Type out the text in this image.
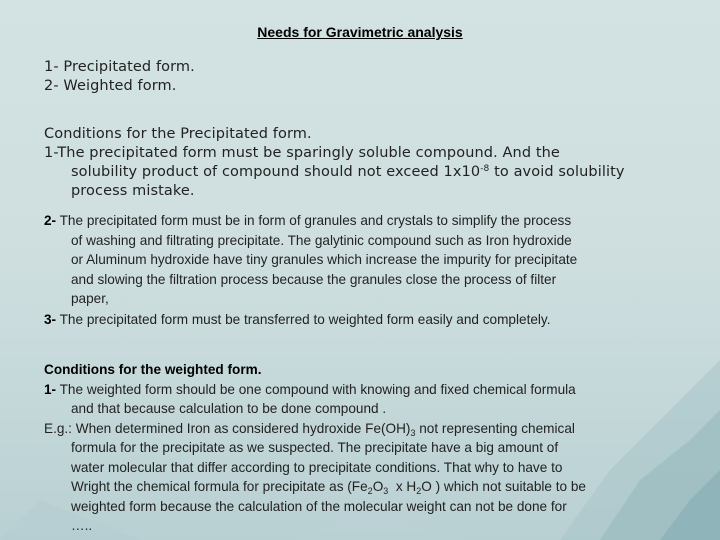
Needs for Gravimetric analysis
1- Precipitated form.
2- Weighted form.
Conditions for the Precipitated form.
1-The precipitated form must be sparingly soluble compound. And the
solubility product of compound should not exceed $1x10^{-8}$ to avoid solubility
process mistake.
2- The precipitated form must be in form of granules and crystals to simplify the process
of washing and filtrating precipitate. The galytinic compound such as Iron hydroxide
or Aluminum hydroxide have tiny granules which increase the impurity for precipitate
and slowing the filtration process because the granules close the process of filter
paper,
3- The precipitated form must be transferred to weighted form easily and completely.
Conditions for the weighted form.
1- The weighted form should be one compound with knowing and fixed chemical formula
and that because calculation to be done compound .
E.g.: When determined Iron as considered hydroxide $Fe(OH)_3$ not representing chemical
formula for the precipitate as we suspected. The precipitate have a big amount of
water molecular that differ according to precipitate conditions. That why to have to
Wright the chemical formula for precipitate as ($Fe_2O_3$  x $H_2O$ ) which not suitable to be
weighted form because the calculation of the molecular weight can not be done for
…..
